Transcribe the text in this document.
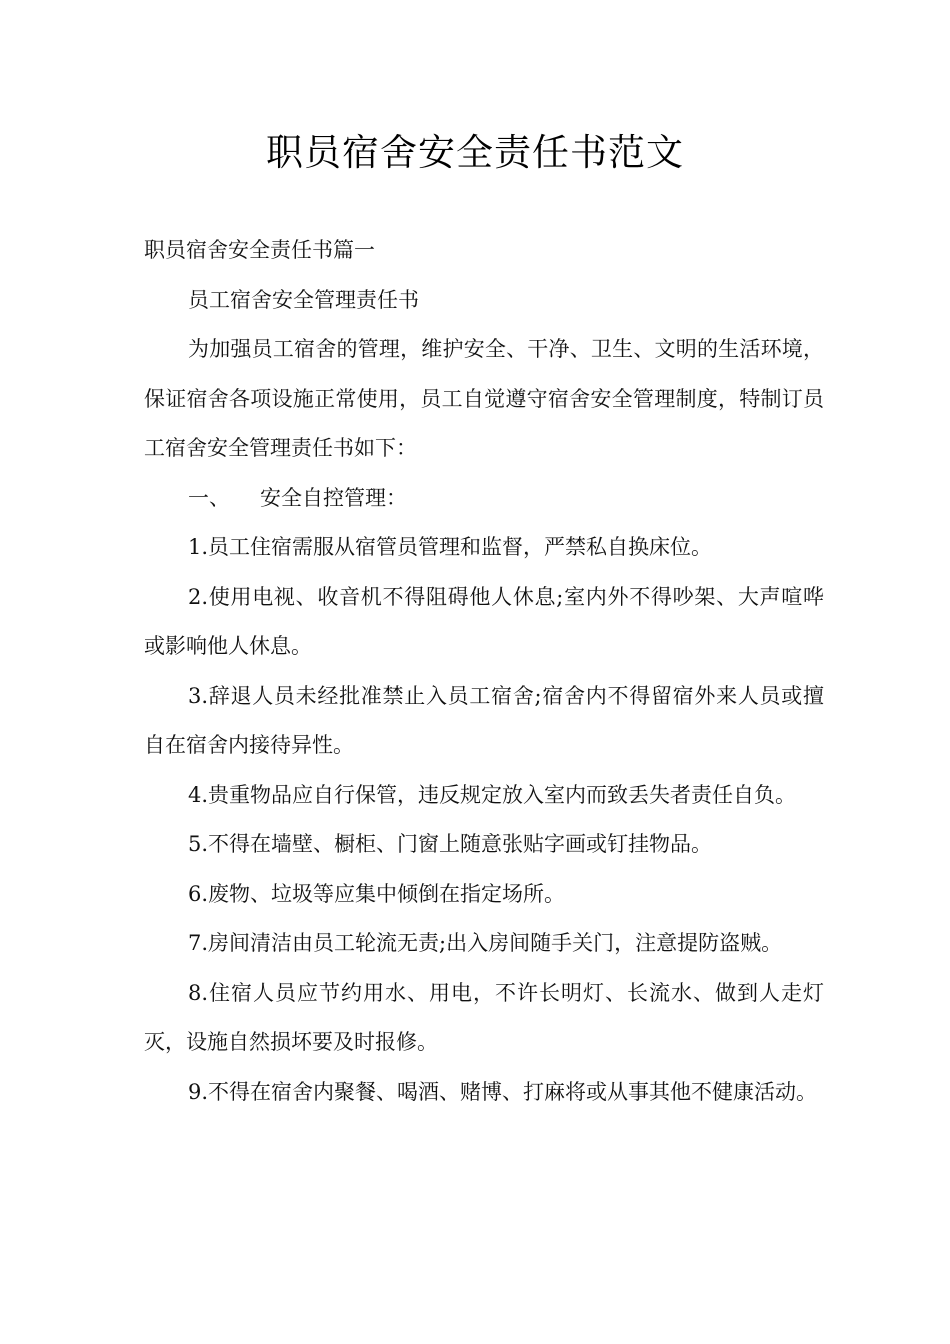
职员宿舍安全责任书范文

职员宿舍安全责任书篇一

员工宿舍安全管理责任书

为加强员工宿舍的管理，维护安全、干净、卫生、文明的生活环境，保证宿舍各项设施正常使用，员工自觉遵守宿舍安全管理制度，特制订员工宿舍安全管理责任书如下：

一、 安全自控管理：

1.员工住宿需服从宿管员管理和监督，严禁私自换床位。

2.使用电视、收音机不得阻碍他人休息;室内外不得吵架、大声喧哗或影响他人休息。

3.辞退人员未经批准禁止入员工宿舍;宿舍内不得留宿外来人员或擅自在宿舍内接待异性。

4.贵重物品应自行保管，违反规定放入室内而致丢失者责任自负。

5.不得在墙壁、橱柜、门窗上随意张贴字画或钉挂物品。

6.废物、垃圾等应集中倾倒在指定场所。

7.房间清洁由员工轮流无责;出入房间随手关门，注意提防盗贼。

8.住宿人员应节约用水、用电，不许长明灯、长流水、做到人走灯灭，设施自然损坏要及时报修。

9.不得在宿舍内聚餐、喝酒、赌博、打麻将或从事其他不健康活动。
